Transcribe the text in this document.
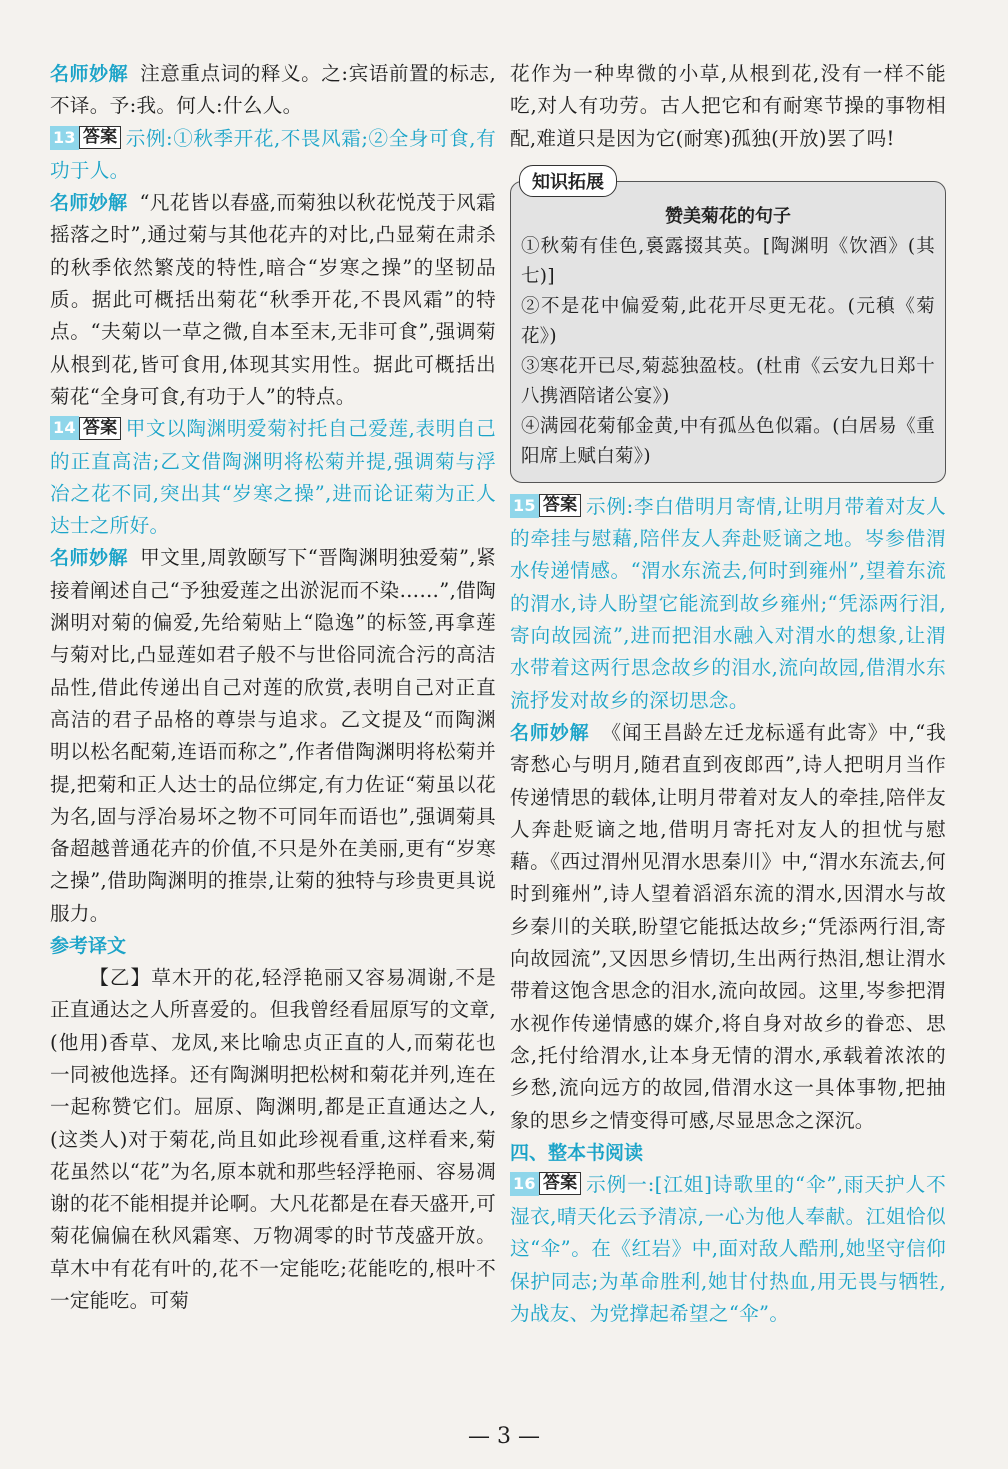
名师妙解 注意重点词的释义。之:宾语前置的标志,不译。予:我。何人:什么人。

13 答案 示例:①秋季开花,不畏风霜;②全身可食,有功于人。

名师妙解 “凡花皆以春盛,而菊独以秋花悦茂于风霜摇落之时”,通过菊与其他花卉的对比,凸显菊在肃杀的秋季依然繁茂的特性,暗合“岁寒之操”的坚韧品质。据此可概括出菊花“秋季开花,不畏风霜”的特点。“夫菊以一草之微,自本至末,无非可食”,强调菊从根到花,皆可食用,体现其实用性。据此可概括出菊花“全身可食,有功于人”的特点。

14 答案 甲文以陶渊明爱菊衬托自己爱莲,表明自己的正直高洁;乙文借陶渊明将松菊并提,强调菊与浮冶之花不同,突出其“岁寒之操”,进而论证菊为正人达士之所好。

名师妙解 甲文里,周敦颐写下“晋陶渊明独爱菊”,紧接着阐述自己“予独爱莲之出淤泥而不染……”,借陶渊明对菊的偏爱,先给菊贴上“隐逸”的标签,再拿莲与菊对比,凸显莲如君子般不与世俗同流合污的高洁品性,借此传递出自己对莲的欣赏,表明自己对正直高洁的君子品格的尊崇与追求。乙文提及“而陶渊明以松名配菊,连语而称之”,作者借陶渊明将松菊并提,把菊和正人达士的品位绑定,有力佐证“菊虽以花为名,固与浮冶易坏之物不可同年而语也”,强调菊具备超越普通花卉的价值,不只是外在美丽,更有“岁寒之操”,借助陶渊明的推崇,让菊的独特与珍贵更具说服力。

参考译文

【乙】草木开的花,轻浮艳丽又容易凋谢,不是正直通达之人所喜爱的。但我曾经看屈原写的文章,(他用)香草、龙凤,来比喻忠贞正直的人,而菊花也一同被他选择。还有陶渊明把松树和菊花并列,连在一起称赞它们。屈原、陶渊明,都是正直通达之人,(这类人)对于菊花,尚且如此珍视看重,这样看来,菊花虽然以“花”为名,原本就和那些轻浮艳丽、容易凋谢的花不能相提并论啊。大凡花都是在春天盛开,可菊花偏偏在秋风霜寒、万物凋零的时节茂盛开放。草木中有花有叶的,花不一定能吃;花能吃的,根叶不一定能吃。可菊

花作为一种卑微的小草,从根到花,没有一样不能吃,对人有功劳。古人把它和有耐寒节操的事物相配,难道只是因为它(耐寒)孤独(开放)罢了吗!

知识拓展

赞美菊花的句子

①秋菊有佳色,裛露掇其英。[陶渊明《饮酒》(其七)]

②不是花中偏爱菊,此花开尽更无花。(元稹《菊花》)

③寒花开已尽,菊蕊独盈枝。(杜甫《云安九日郑十八携酒陪诸公宴》)

④满园花菊郁金黄,中有孤丛色似霜。(白居易《重阳席上赋白菊》)

15 答案 示例:李白借明月寄情,让明月带着对友人的牵挂与慰藉,陪伴友人奔赴贬谪之地。岑参借渭水传递情感。“渭水东流去,何时到雍州”,望着东流的渭水,诗人盼望它能流到故乡雍州;“凭添两行泪,寄向故园流”,进而把泪水融入对渭水的想象,让渭水带着这两行思念故乡的泪水,流向故园,借渭水东流抒发对故乡的深切思念。

名师妙解 《闻王昌龄左迁龙标遥有此寄》中,“我寄愁心与明月,随君直到夜郎西”,诗人把明月当作传递情思的载体,让明月带着对友人的牵挂,陪伴友人奔赴贬谪之地,借明月寄托对友人的担忧与慰藉。《西过渭州见渭水思秦川》中,“渭水东流去,何时到雍州”,诗人望着滔滔东流的渭水,因渭水与故乡秦川的关联,盼望它能抵达故乡;“凭添两行泪,寄向故园流”,又因思乡情切,生出两行热泪,想让渭水带着这饱含思念的泪水,流向故园。这里,岑参把渭水视作传递情感的媒介,将自身对故乡的眷恋、思念,托付给渭水,让本身无情的渭水,承载着浓浓的乡愁,流向远方的故园,借渭水这一具体事物,把抽象的思乡之情变得可感,尽显思念之深沉。

四、整本书阅读

16 答案 示例一:[江姐]诗歌里的“伞”,雨天护人不湿衣,晴天化云予清凉,一心为他人奉献。江姐恰似这“伞”。在《红岩》中,面对敌人酷刑,她坚守信仰保护同志;为革命胜利,她甘付热血,用无畏与牺牲,为战友、为党撑起希望之“伞”。

— 3 —
